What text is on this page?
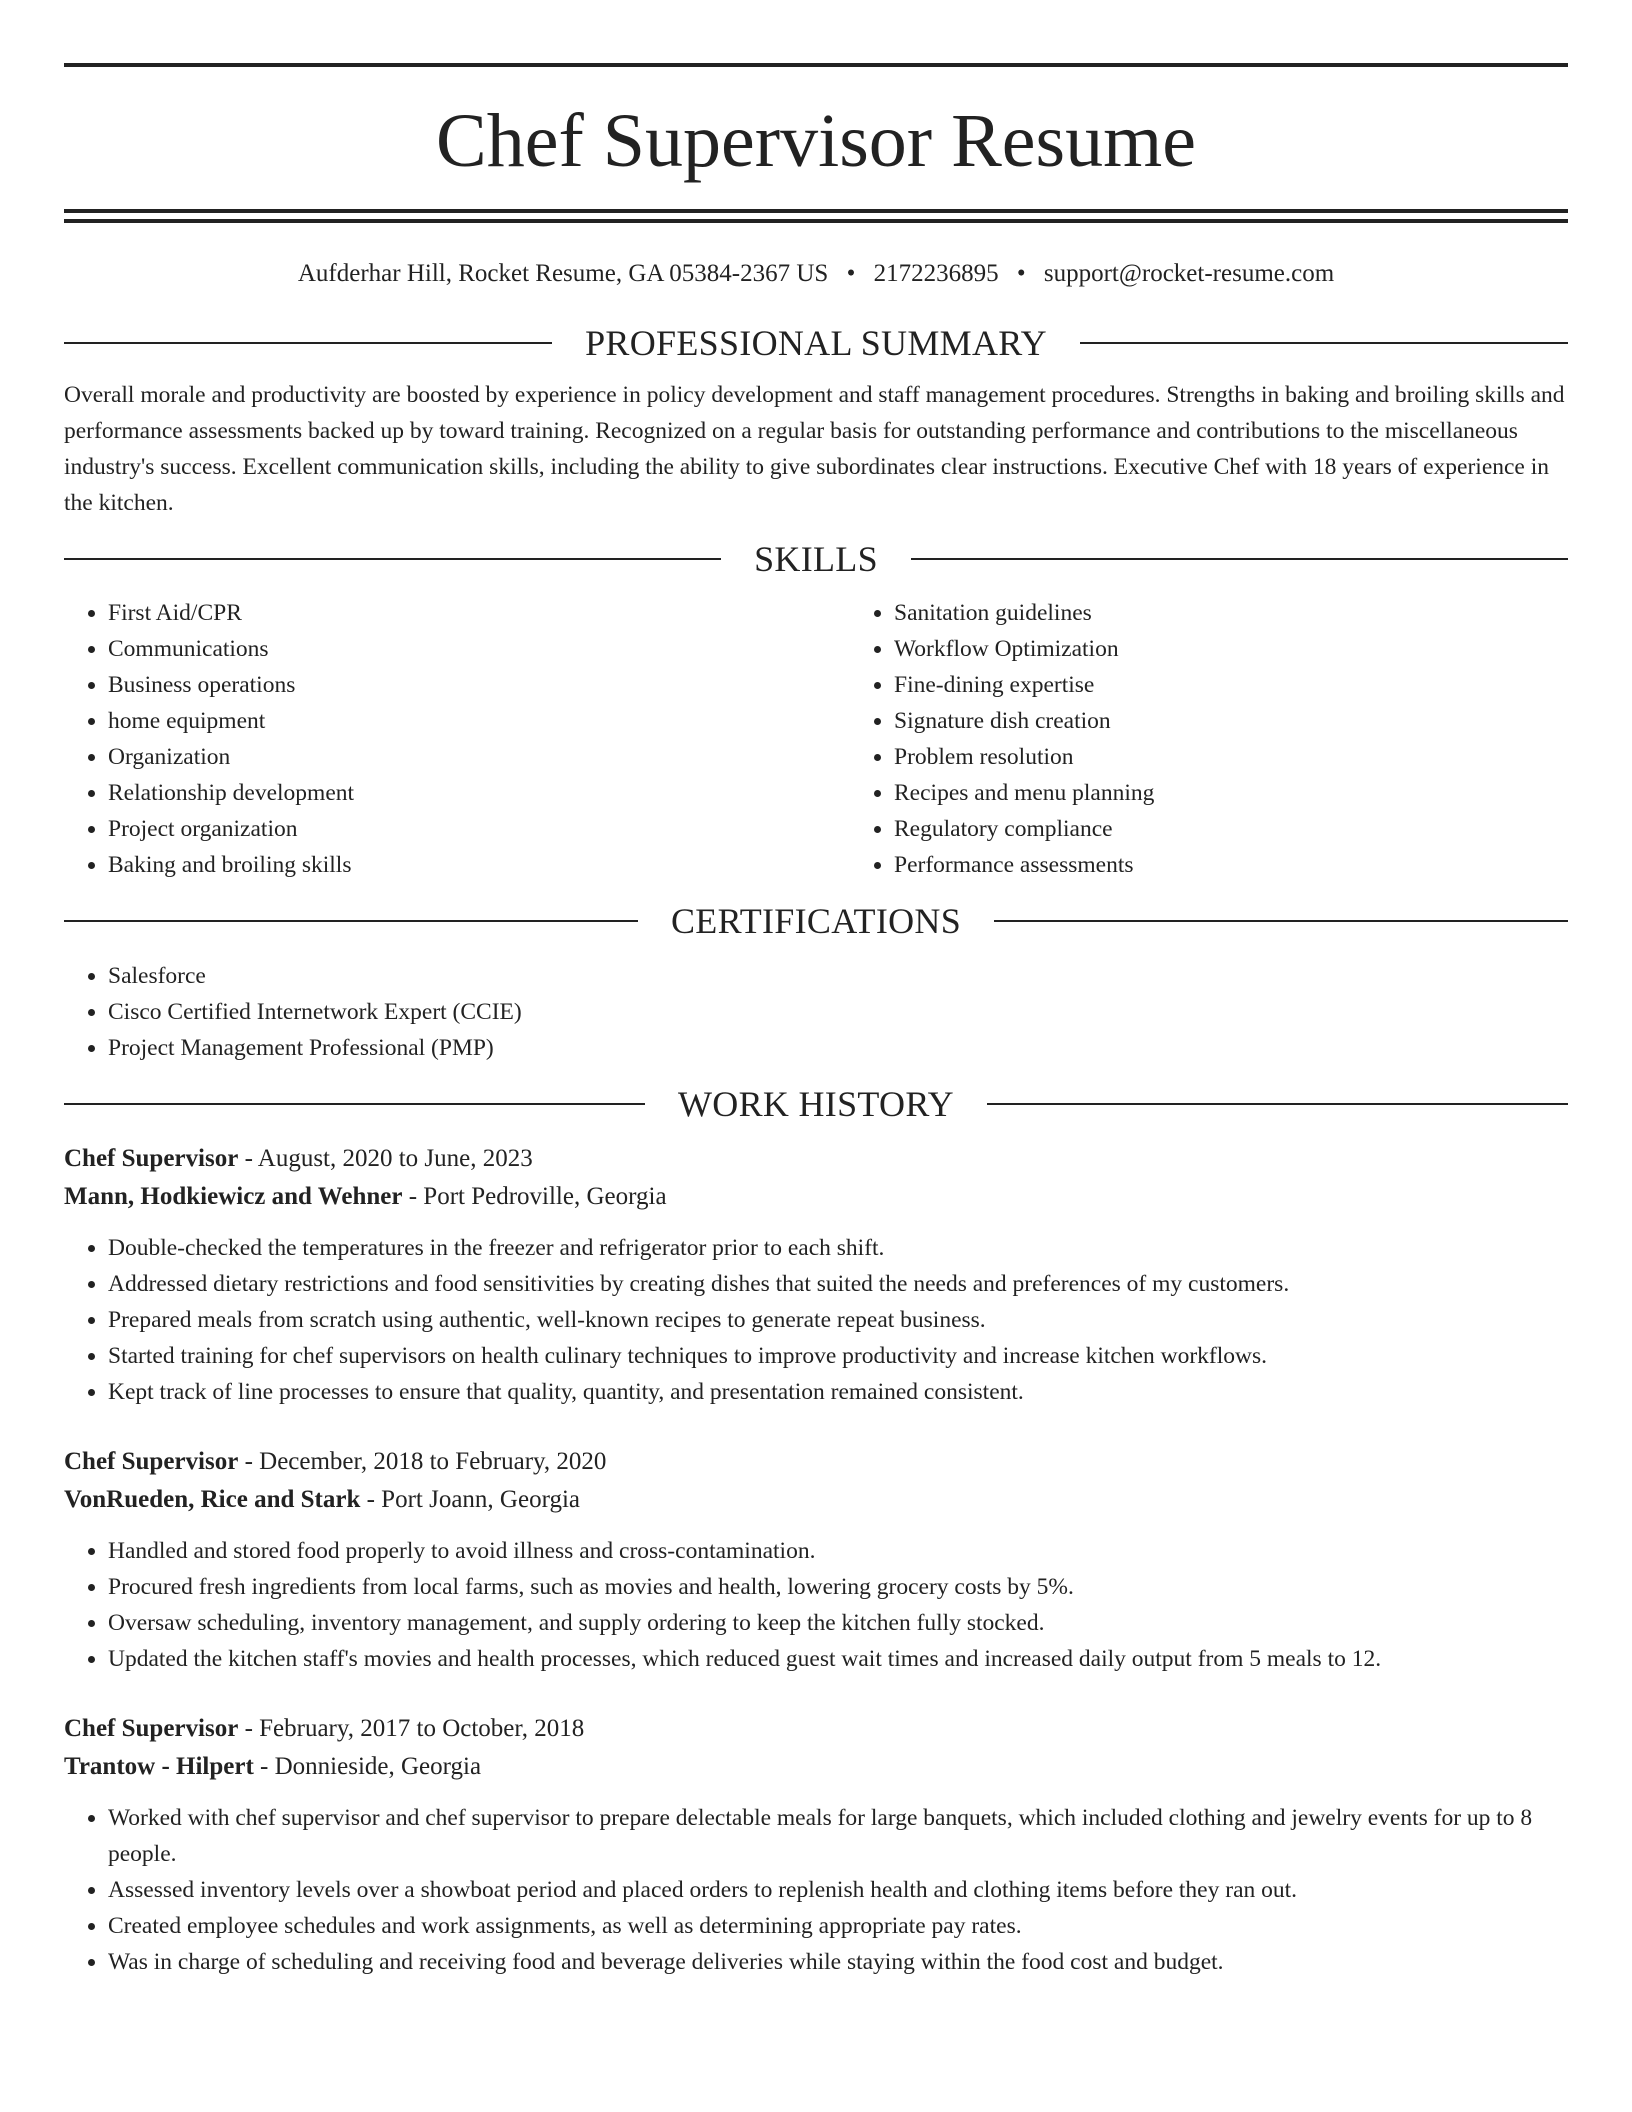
Chef Supervisor Resume
Aufderhar Hill, Rocket Resume, GA 05384-2367 US • 2172236895 • support@rocket-resume.com
PROFESSIONAL SUMMARY

Overall morale and productivity are boosted by experience in policy development and staff management procedures. Strengths in baking and broiling skills and performance assessments backed up by toward training. Recognized on a regular basis for outstanding performance and contributions to the miscellaneous industry's success. Excellent communication skills, including the ability to give subordinates clear instructions. Executive Chef with 18 years of experience in the kitchen.

SKILLS
• First Aid/CPR
• Communications
• Business operations
• home equipment
• Organization
• Relationship development
• Project organization
• Baking and broiling skills
• Sanitation guidelines
• Workflow Optimization
• Fine-dining expertise
• Signature dish creation
• Problem resolution
• Recipes and menu planning
• Regulatory compliance
• Performance assessments
CERTIFICATIONS
• Salesforce
• Cisco Certified Internetwork Expert (CCIE)
• Project Management Professional (PMP)
WORK HISTORY
Chef Supervisor - August, 2020 to June, 2023
Mann, Hodkiewicz and Wehner - Port Pedroville, Georgia
• Double-checked the temperatures in the freezer and refrigerator prior to each shift.
• Addressed dietary restrictions and food sensitivities by creating dishes that suited the needs and preferences of my customers.
• Prepared meals from scratch using authentic, well-known recipes to generate repeat business.
• Started training for chef supervisors on health culinary techniques to improve productivity and increase kitchen workflows.
• Kept track of line processes to ensure that quality, quantity, and presentation remained consistent.
Chef Supervisor - December, 2018 to February, 2020
VonRueden, Rice and Stark - Port Joann, Georgia
• Handled and stored food properly to avoid illness and cross-contamination.
• Procured fresh ingredients from local farms, such as movies and health, lowering grocery costs by 5%.
• Oversaw scheduling, inventory management, and supply ordering to keep the kitchen fully stocked.
• Updated the kitchen staff's movies and health processes, which reduced guest wait times and increased daily output from 5 meals to 12.
Chef Supervisor - February, 2017 to October, 2018
Trantow - Hilpert - Donnieside, Georgia
• Worked with chef supervisor and chef supervisor to prepare delectable meals for large banquets, which included clothing and jewelry events for up to 8 people.
• Assessed inventory levels over a showboat period and placed orders to replenish health and clothing items before they ran out.
• Created employee schedules and work assignments, as well as determining appropriate pay rates.
• Was in charge of scheduling and receiving food and beverage deliveries while staying within the food cost and budget.
